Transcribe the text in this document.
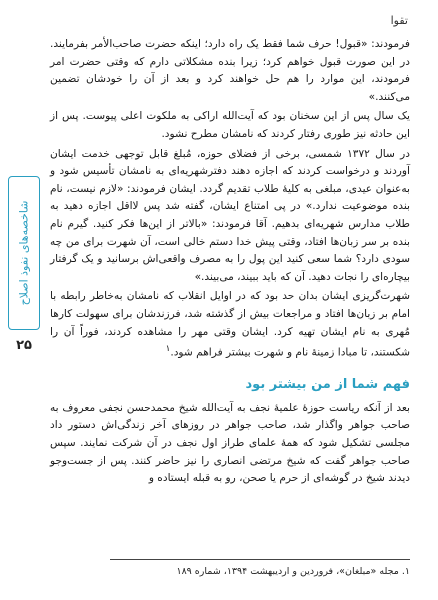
تقوا
شاخصه‌های نفوذ اصلاح
۲۵

فرمودند: «قبول! حرف شما فقط یک راه دارد؛ اینکه حضرت صاحب‌الأمر بفرمایند. در این صورت قبول خواهم کرد؛ زیرا بنده مشکلاتی دارم که وقتی حضرت امر فرمودند، این موارد را هم حل خواهند کرد و بعد از آن را خودشان تضمین می‌کنند.»

یک سال پس از این سخنان بود که آیت‌الله اراکی به ملکوت اعلی پیوست. پس از این حادثه نیز طوری رفتار کردند که نامشان مطرح نشود.

در سال ۱۳۷۲ شمسی، برخی از فضلای حوزه، مُبلغ قابل توجهی خدمت ایشان آوردند و درخواست کردند که اجازه دهند دفترشهریه‌ای به نامشان تأسیس شود و به‌عنوان عیدی، مبلغی به کلیهٔ طلاب تقدیم گردد. ایشان فرمودند: «لازم نیست، نام بنده موضوعیت ندارد.» در پی امتناع ایشان، گفته شد پس لااقل اجازه دهید به طلاب مدارس شهریه‌ای بدهیم. آقا فرمودند: «بالاتر از این‌ها فکر کنید. گیرم نام بنده بر سر زبان‌ها افتاد، وقتی پیش خدا دستم خالی است، آن شهرت برای من چه سودی دارد؟ شما سعی کنید این پول را به مصرف واقعی‌اش برسانید و یک گرفتار بیچاره‌ای را نجات دهید. آن که باید ببیند، می‌بیند.»

شهرت‌گریزی ایشان بدان حد بود که در اوایل انقلاب که نامشان به‌خاطر رابطه با امام بر زبان‌ها افتاد و مراجعات بیش از گذشته شد، فرزندشان برای سهولت کارها مُهری به نام ایشان تهیه کرد. ایشان وقتی مهر را مشاهده کردند، فوراً آن را شکستند، تا مبادا زمینهٔ نام و شهرت بیشتر فراهم شود.$^۱$

فهم شما از من بیشتر بود

بعد از آنکه ریاست حوزهٔ علمیهٔ نجف به آیت‌الله شیخ محمدحسن نجفی معروف به صاحب جواهر واگذار شد، صاحب جواهر در روزهای آخر زندگی‌اش دستور داد مجلسی تشکیل شود که همهٔ علمای طراز اول نجف در آن شرکت نمایند. سپس صاحب جواهر گفت که شیخ مرتضی انصاری را نیز حاضر کنند. پس از جست‌وجو دیدند شیخ در گوشه‌ای از حرم یا صحن، رو به قبله ایستاده و

۱. مجله «مبلغان»، فروردین و اردیبهشت ۱۳۹۴، شماره ۱۸۹
